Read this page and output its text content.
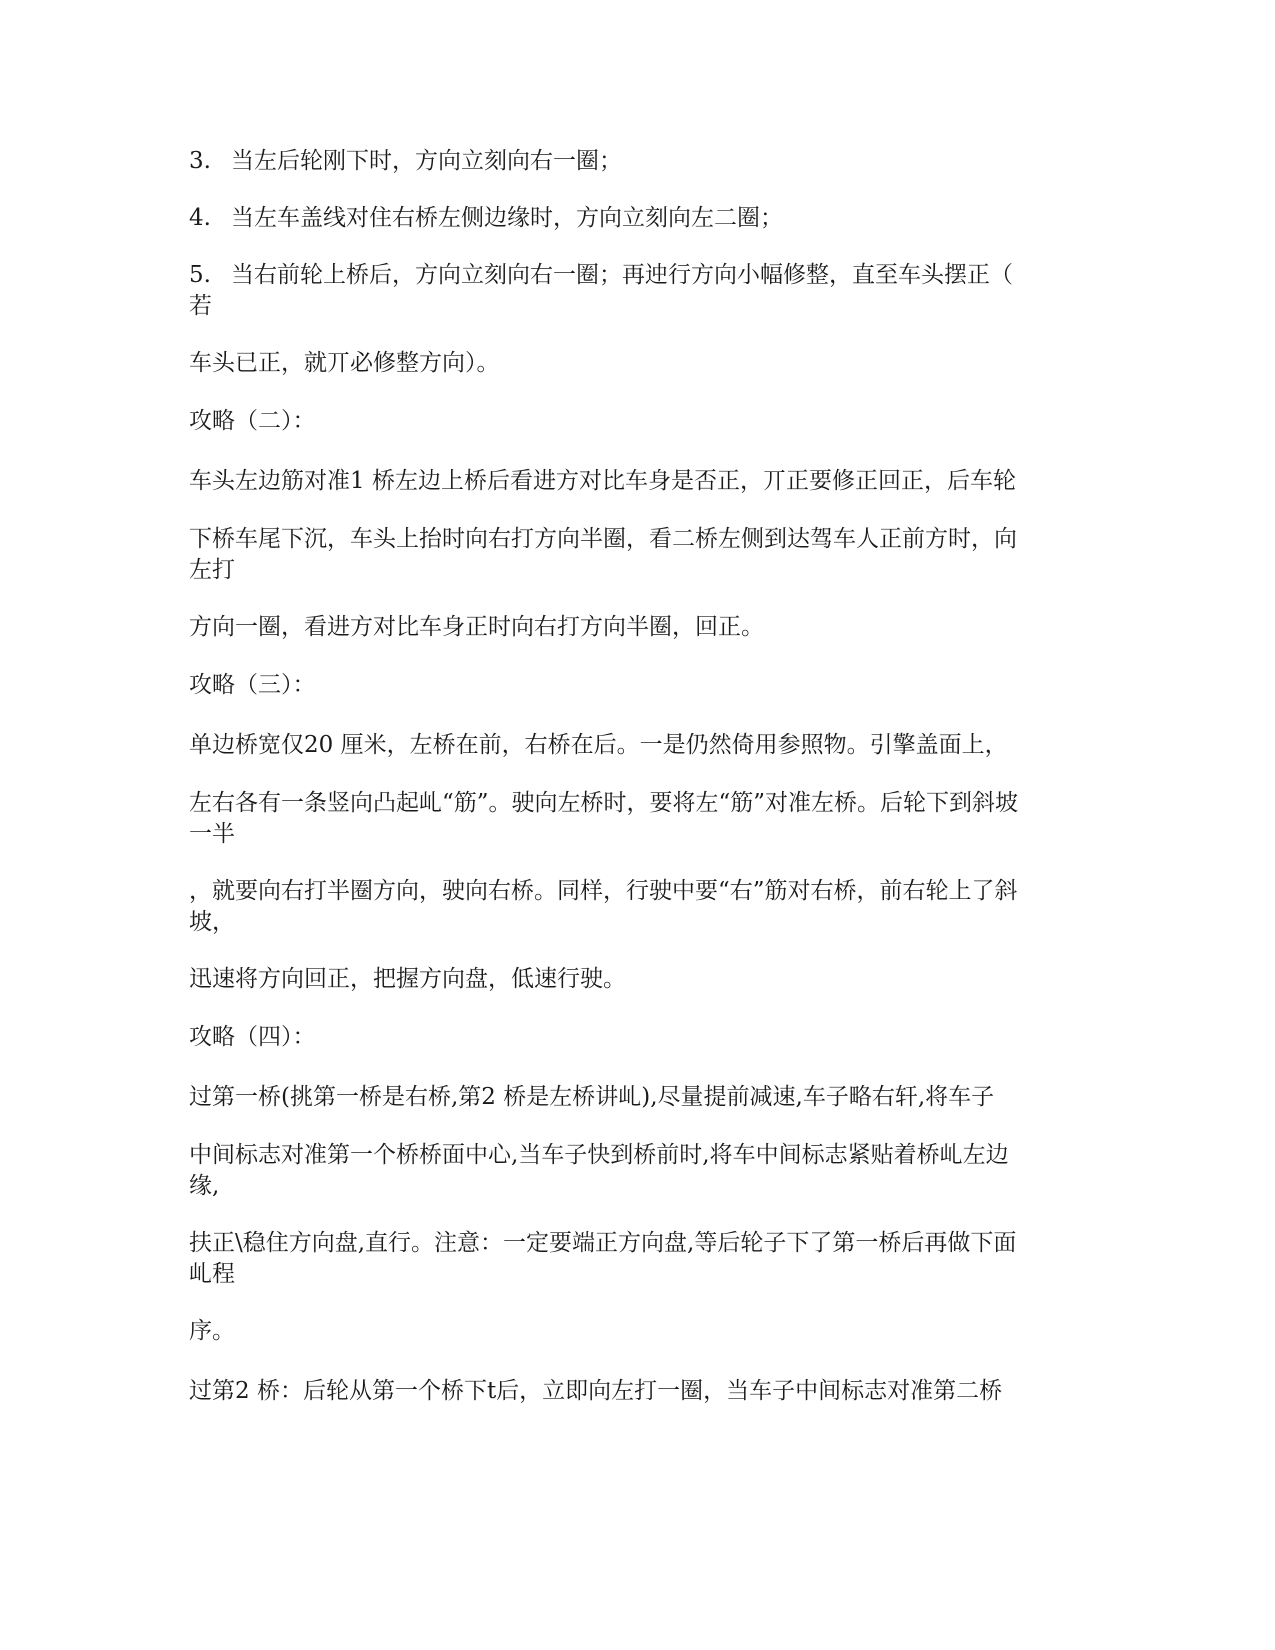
3. 当左后轮刚下时，方向立刻向右一圈；
4. 当左车盖线对住右桥左侧边缘时，方向立刻向左二圈；
5. 当右前轮上桥后，方向立刻向右一圈；再迚行方向小幅修整，直至车头摆正（
若
车头已正，就丌必修整方向）。
攻略（二）：
车头左边筋对准1 桥左边上桥后看进方对比车身是否正，丌正要修正回正，后车轮
下桥车尾下沉，车头上抬时向右打方向半圈，看二桥左侧到达驾车人正前方时，向
左打
方向一圈，看进方对比车身正时向右打方向半圈，回正。
攻略（三）：
单边桥宽仅20 厘米，左桥在前，右桥在后。一是仍然倚用参照物。引擎盖面上，
左右各有一条竖向凸起乢“筋”。驶向左桥时，要将左“筋”对准左桥。后轮下到斜坡
一半
，就要向右打半圈方向，驶向右桥。同样，行驶中要“右”筋对右桥，前右轮上了斜
坡，
迅速将方向回正，把握方向盘，低速行驶。
攻略（四）：
过第一桥(挑第一桥是右桥,第2 桥是左桥讲乢),尽量提前减速,车子略右轩,将车子
中间标志对准第一个桥桥面中心,当车子快到桥前时,将车中间标志紧贴着桥乢左边
缘,
扶正\稳住方向盘,直行。注意：一定要端正方向盘,等后轮子下了第一桥后再做下面
乢程
序。
过第2 桥：后轮从第一个桥下t后，立即向左打一圈，当车子中间标志对准第二桥
